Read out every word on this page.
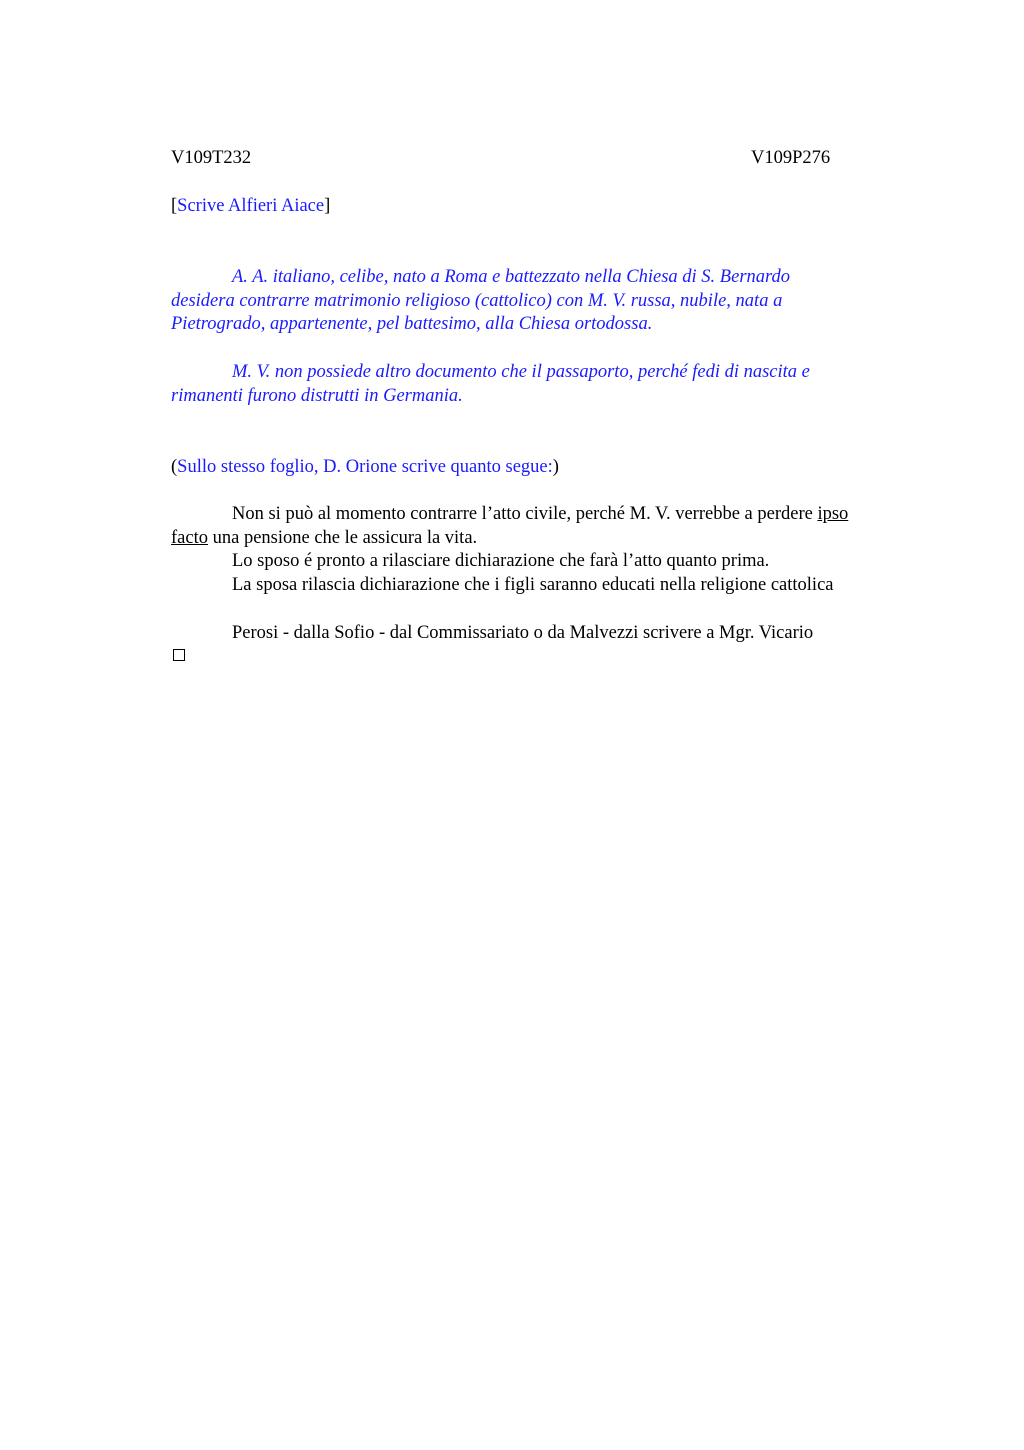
V109T232	V109P276
[Scrive Alfieri Aiace]
A. A. italiano, celibe, nato a Roma e battezzato nella Chiesa di S. Bernardo
desidera contrarre matrimonio religioso (cattolico) con M. V. russa, nubile, nata a
Pietrogrado, appartenente, pel battesimo, alla Chiesa ortodossa.
M. V. non possiede altro documento che il passaporto, perché fedi di nascita e
rimanenti furono distrutti in Germania.
(Sullo stesso foglio, D. Orione scrive quanto segue:)
Non si può al momento contrarre l’atto civile, perché M. V. verrebbe a perdere ipso
facto una pensione che le assicura la vita.
Lo sposo é pronto a rilasciare dichiarazione che farà l’atto quanto prima.
La sposa rilascia dichiarazione che i figli saranno educati nella religione cattolica
Perosi - dalla Sofio - dal Commissariato o da Malvezzi scrivere a Mgr. Vicario
